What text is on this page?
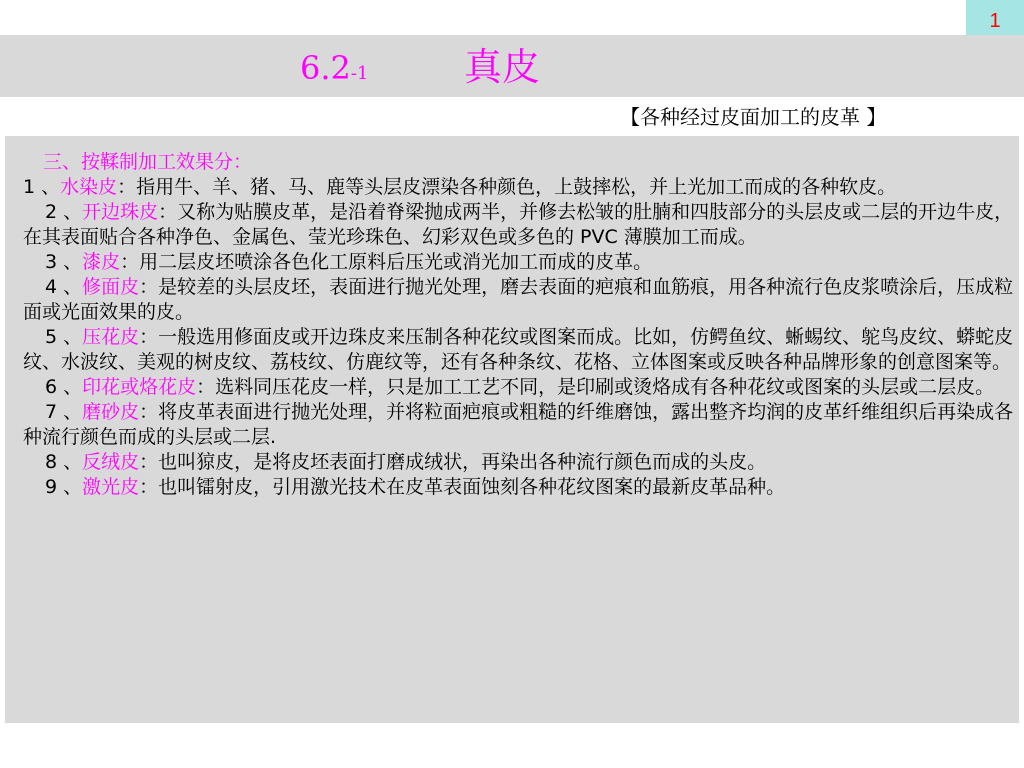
1
6.2-1	真皮
【各种经过皮面加工的皮革 】
三、按鞣制加工效果分：

1 、水染皮：指用牛、羊、猪、马、鹿等头层皮漂染各种颜色，上鼓摔松，并上光加工而成的各种软皮。

2 、开边珠皮：又称为贴膜皮革，是沿着脊梁抛成两半，并修去松皱的肚腩和四肢部分的头层皮或二层的开边牛皮，在其表面贴合各种净色、金属色、莹光珍珠色、幻彩双色或多色的 PVC 薄膜加工而成。

3 、漆皮：用二层皮坯喷涂各色化工原料后压光或消光加工而成的皮革。

4 、修面皮：是较差的头层皮坯，表面进行抛光处理，磨去表面的疤痕和血筋痕，用各种流行色皮浆喷涂后，压成粒面或光面效果的皮。

5 、压花皮：一般选用修面皮或开边珠皮来压制各种花纹或图案而成。比如，仿鳄鱼纹、蜥蜴纹、鸵鸟皮纹、蟒蛇皮纹、水波纹、美观的树皮纹、荔枝纹、仿鹿纹等，还有各种条纹、花格、立体图案或反映各种品牌形象的创意图案等。

6 、印花或烙花皮：选料同压花皮一样，只是加工工艺不同，是印刷或烫烙成有各种花纹或图案的头层或二层皮。

7 、磨砂皮：将皮革表面进行抛光处理，并将粒面疤痕或粗糙的纤维磨蚀，露出整齐均润的皮革纤维组织后再染成各种流行颜色而成的头层或二层.

8 、反绒皮：也叫猄皮，是将皮坯表面打磨成绒状，再染出各种流行颜色而成的头皮。

9 、激光皮：也叫镭射皮，引用激光技术在皮革表面蚀刻各种花纹图案的最新皮革品种。
